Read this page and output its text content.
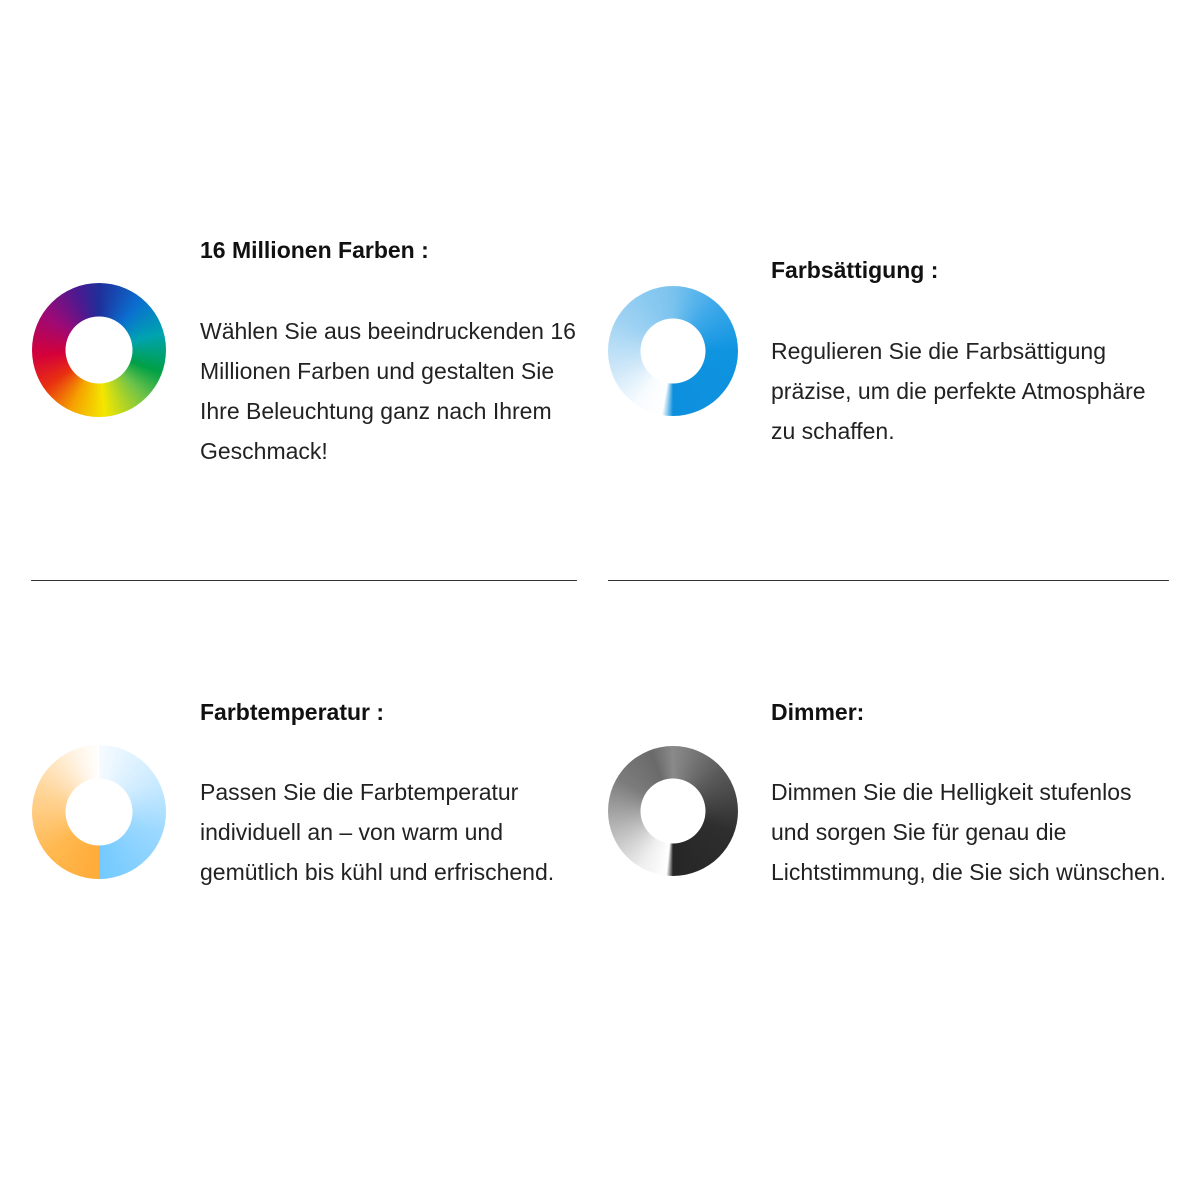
16 Millionen Farben :

Wählen Sie aus beeindruckenden 16 Millionen Farben und gestalten Sie Ihre Beleuchtung ganz nach Ihrem Geschmack!

Farbsättigung :

Regulieren Sie die Farbsättigung präzise, um die perfekte Atmosphäre zu schaffen.

Farbtemperatur :

Passen Sie die Farbtemperatur individuell an – von warm und gemütlich bis kühl und erfrischend.

Dimmer:

Dimmen Sie die Helligkeit stufenlos und sorgen Sie für genau die Lichtstimmung, die Sie sich wünschen.
